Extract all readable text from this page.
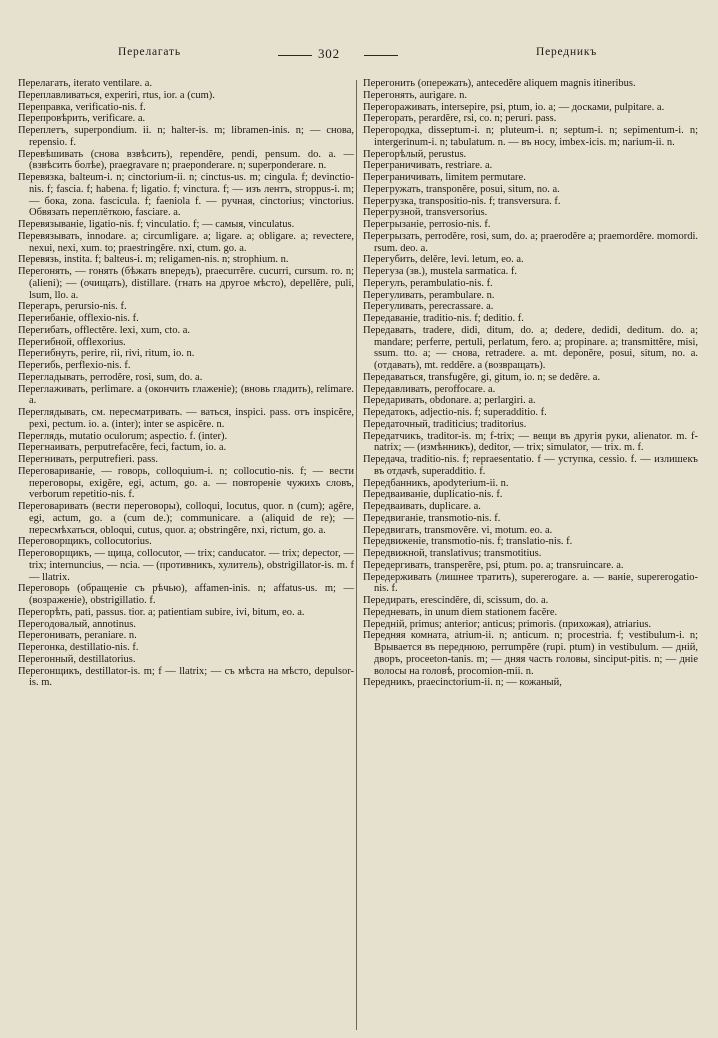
Перелагать	302	Передникъ

Перелагать, iterato ventilare. a.

Переплавливаться, experiri, rtus, ior. a (cum).

Переправка, verificatio-nis. f.

Перепровѣрить, verificare. a.

Переплетъ, superpondium. ii. n; halter-is. m; libramen-inis. n; — снова, repensio. f.

Перевѣшивать (снова взвѣсить), rependĕre, pendi, pensum. do. a. — (взвѣсить болѣе), praegravare n; praeponderare. n; superponderare. n.

Перевязка, balteum-i. n; cinctorium-ii. n; cinctus-us. m; cingula. f; devinctio-nis. f; fascia. f; habena. f; ligatio. f; vinctura. f; — изъ лентъ, stroppus-i. m; — бока, zona. fascicula. f; faeniola f. — ручная, cinctorius; vinctorius. Обвязать переплёткою, fasciare. a.

Перевязываніе, ligatio-nis. f; vinculatio. f; — самыя, vinculatus.

Перевязывать, innodare. a; circumligare. a; ligare. a; obligare. a; revectere, nexui, nexi, xum. to; praestringĕre. nxi, ctum. go. a.

Перевязь, instita. f; balteus-i. m; religamen-nis. n; strophium. n.

Перегонять, — гонять (бѣжать впередъ), praecurrĕre. cucurri, cursum. ro. n; (alieni); — (очищать), distillare. (гнать на другое мѣсто), depellĕre, puli, lsum, llo. a.

Перегаръ, perursio-nis. f.

Перегибаніе, offlexio-nis. f.

Перегибать, offlectĕre. lexi, xum, cto. a.

Перегибной, offlexorius.

Перегибнуть, perire, rii, rivi, ritum, io. n.

Перегибь, perflexio-nis. f.

Перегладывать, perrodĕre, rosi, sum, do. a.

Переглаживать, perlimare. a (окончить глаженіе); (вновь гладить), relimare. a.

Переглядывать, см. пересматривать. — ваться, inspici. pass. отъ inspicĕre, pexi, pectum. io. a. (inter); inter se aspicĕre. n.

Переглядь, mutatio oculorum; aspectio. f. (inter).

Перегнаивать, perputrefacĕre, feci, factum, io. a.

Перегнивать, perputrefieri. pass.

Переговариваніе, — говорь, colloquium-i. n; collocutio-nis. f; — вести переговоры, exigĕre, egi, actum, go. a. — повтореніе чужихъ словъ, verborum repetitio-nis. f.

Переговаривать (вести переговоры), colloqui, locutus, quor. n (cum); agĕre, egi, actum, go. a (cum de.); communicare. a (aliquid de re); — пересмѣхаться, obloqui, cutus, quor. a; obstringĕre, nxi, rictum, go. a.

Переговорщикъ, collocutorius.

Переговорщикъ, — щица, collocutor, — trix; canducator. — trix; depector, — trix; internuncius, — ncia. — (противникъ, хулитель), obstrigillator-is. m. f — llatrix.

Переговорь (обращеніе съ рѣчью), affamen-inis. n; affatus-us. m; — (возраженіе), obstrigillatio. f.

Перегорѣть, pati, passus. tior. a; patientiam subire, ivi, bitum, eo. a.

Перегодовалый, annotinus.

Перегонивать, peraniare. n.

Перегонка, destillatio-nis. f.

Перегонный, destillatorius.

Перегонщикъ, destillator-is. m; f — llatrix; — съ мѣста на мѣсто, depulsor-is. m.

Перегонить (опережать), antecedĕre aliquem magnis itineribus.

Перегонять, aurigare. n.

Перегораживать, intersepire, psi, ptum, io. a; — досками, pulpitare. a.

Перегорать, perardĕre, rsi, co. n; peruri. pass.

Перегородка, disseptum-i. n; pluteum-i. n; septum-i. n; sepimentum-i. n; intergerinum-i. n; tabulatum. n. — въ носу, imbex-icis. m; narium-ii. n.

Перегорѣлый, perustus.

Переграничивать, restriare. a.

Переграничивать, limitem permutare.

Перегружать, transponĕre, posui, situm, no. a.

Перегрузка, transpositio-nis. f; transversura. f.

Перегрузной, transversorius.

Перегрызаніе, perrosio-nis. f.

Перегрызать, perrodĕre, rosi, sum, do. a; praerodĕre a; praemordĕre. momordi. rsum. deo. a.

Перегубить, delĕre, levi. letum, eo. a.

Перегуза (зв.), mustela sarmatica. f.

Перегулъ, perambulatio-nis. f.

Перегуливать, perambulare. n.

Перегуливать, perecrassare. a.

Передаваніе, traditio-nis. f; deditio. f.

Передавать, tradere, didi, ditum, do. a; dedere, dedidi, deditum. do. a; mandare; perferre, pertuli, perlatum, ferо. a; propinare. a; transmittĕre, misi, ssum. tto. a; — снова, retradere. a. mt. deponĕre, posui, situm, no. a. (отдавать), mt. reddĕre. a (возвращать).

Передаваться, transfugĕre, gi, gitum, io. n; se dedĕre. a.

Передавливать, peroffocare. a.

Передаривать, obdonare. a; perlargiri. a.

Передатокъ, adjectio-nis. f; superadditio. f.

Передаточный, traditicius; traditorius.

Передатчикъ, traditor-is. m; f-trix; — вещи въ другія руки, alienator. m. f-natrix; — (измѣнникъ), deditor, — trix; simulator, — trix. m. f.

Передача, traditio-nis. f; repraesentatio. f — уступка, cessio. f. — излишекъ въ отдачѣ, superadditio. f.

Передбанникъ, apodyterium-ii. n.

Передваиваніе, duplicatio-nis. f.

Передваивать, duplicare. a.

Передвиганіе, transmotio-nis. f.

Передвигать, transmovĕre. vi, motum. eo. a.

Передвиженіе, transmotio-nis. f; translatio-nis. f.

Передвижной, translativus; transmotitius.

Передергивать, transperĕre, psi, ptum. po. a; transruincare. a.

Передерживать (лишнее тратить), supererogare. a. — ваніе, supererogatio-nis. f.

Передирать, erescindĕre, di, scissum, do. a.

Передневать, in unum diem stationem facĕre.

Передній, primus; anterior; anticus; primoris. (прихожая), atriarius.

Передняя комната, atrium-ii. n; anticum. n; procestria. f; vestibulum-i. n; Врывается въ переднюю, perrumpĕre (rupi. ptum) in vestibulum. — дній, дворъ, proceeton-tanis. m; — дняя часть головы, sinciput-pitis. n; — дніе волосы на головѣ, procomion-mii. n.

Передникъ, praecinctorium-ii. n; — кожаный,
